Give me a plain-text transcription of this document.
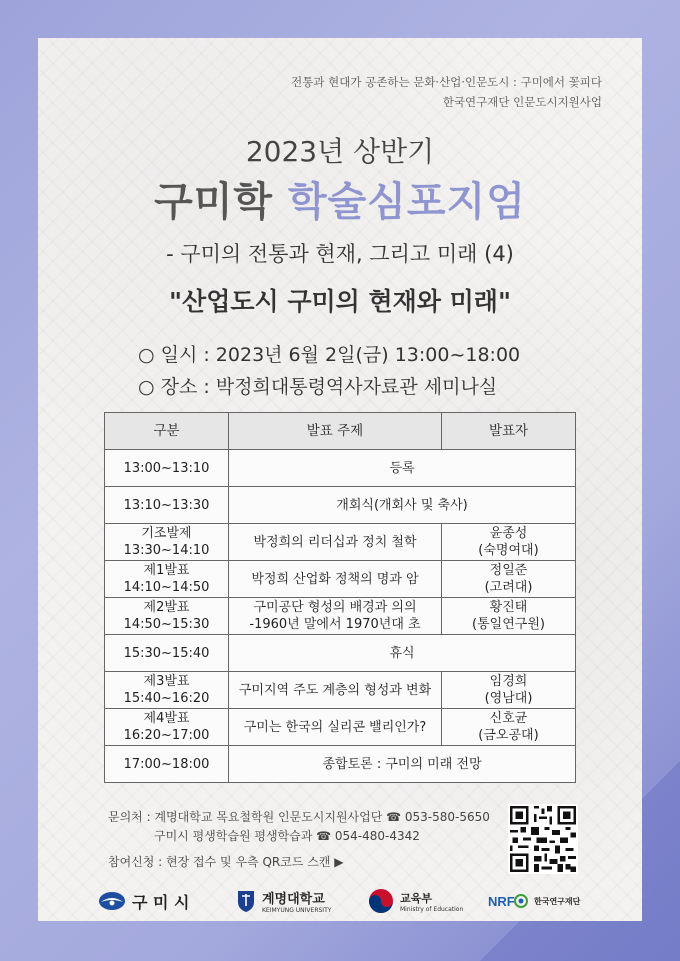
전통과 현대가 공존하는 문화·산업·인문도시 : 구미에서 꽃피다
한국연구재단 인문도시지원사업
2023년 상반기
구미학 학술심포지엄
- 구미의 전통과 현재, 그리고 미래 (4)
"산업도시 구미의 현재와 미래"
○ 일시 : 2023년 6월 2일(금) 13:00~18:00
○ 장소 : 박정희대통령역사자료관 세미나실
구분	발표 주제	발표자
13:00~13:10	등록	
13:10~13:30	개회식(개회사 및 축사)	
기조발제
13:30~14:10	박정희의 리더십과 정치 철학	윤종성
(숙명여대)
제1발표
14:10~14:50	박정희 산업화 정책의 명과 암	정일준
(고려대)
제2발표
14:50~15:30	구미공단 형성의 배경과 의의
-1960년 말에서 1970년대 초	황진태
(통일연구원)
15:30~15:40	휴식	
제3발표
15:40~16:20	구미지역 주도 계층의 형성과 변화	임경희
(영남대)
제4발표
16:20~17:00	구미는 한국의 실리콘 밸리인가?	신호균
(금오공대)
17:00~18:00	종합토론 : 구미의 미래 전망	
문의처 : 계명대학교 목요철학원 인문도시지원사업단 ☎ 053-580-5650
구미시 평생학습원 평생학습과 ☎ 054-480-4342
참여신청 : 현장 접수 및 우측 QR코드 스캔 ▶
구 미 시	계명대학교
KEIMYUNG UNIVERSITY
교육부
Ministry of Education NRF 한국연구재단
